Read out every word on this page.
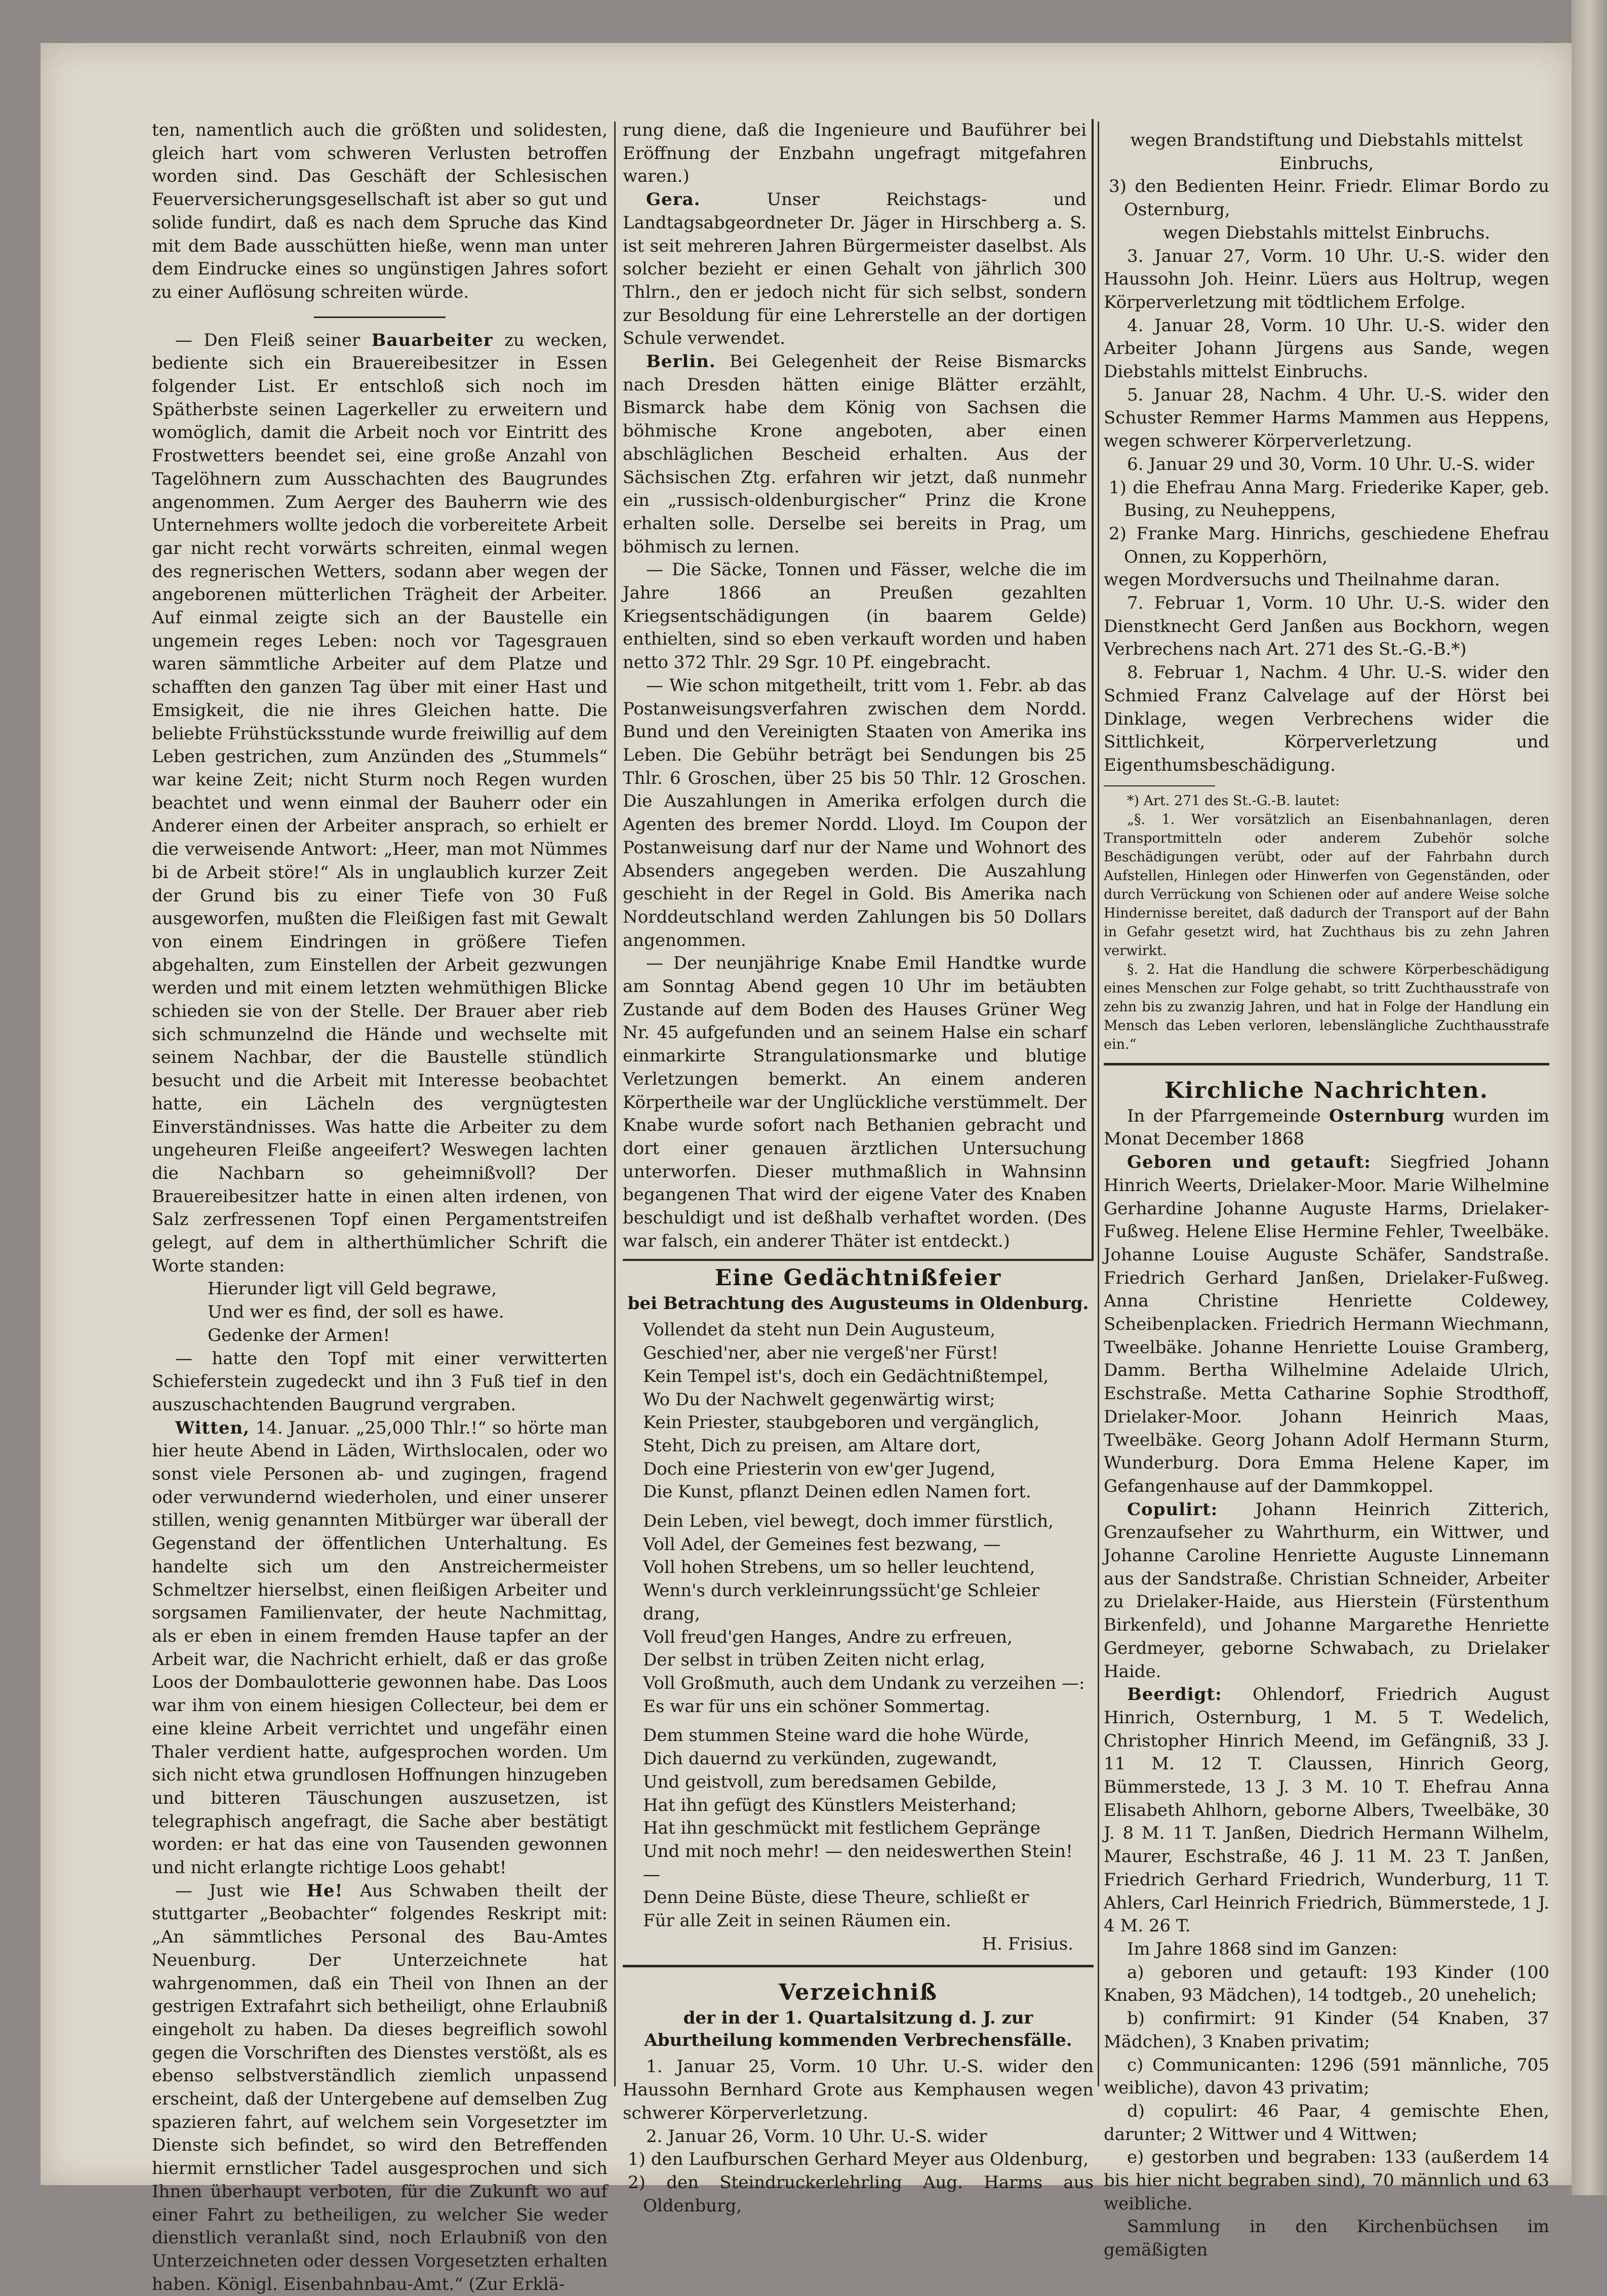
ten, namentlich auch die größten und solidesten, gleich hart vom schweren Verlusten betroffen worden sind. Das Geschäft der Schlesischen Feuerversicherungsgesellschaft ist aber so gut und solide fundirt, daß es nach dem Spruche das Kind mit dem Bade ausschütten hieße, wenn man unter dem Eindrucke eines so ungünstigen Jahres sofort zu einer Auflösung schreiten würde.

— Den Fleiß seiner Bauarbeiter zu wecken, bediente sich ein Brauereibesitzer in Essen folgender List. Er entschloß sich noch im Spätherbste seinen Lagerkeller zu erweitern und womöglich, damit die Arbeit noch vor Eintritt des Frostwetters beendet sei, eine große Anzahl von Tagelöhnern zum Ausschachten des Baugrundes angenommen. Zum Aerger des Bauherrn wie des Unternehmers wollte jedoch die vorbereitete Arbeit gar nicht recht vorwärts schreiten, einmal wegen des regnerischen Wetters, sodann aber wegen der angeborenen mütterlichen Trägheit der Arbeiter. Auf einmal zeigte sich an der Baustelle ein ungemein reges Leben: noch vor Tagesgrauen waren sämmtliche Arbeiter auf dem Platze und schafften den ganzen Tag über mit einer Hast und Emsigkeit, die nie ihres Gleichen hatte. Die beliebte Frühstücksstunde wurde freiwillig auf dem Leben gestrichen, zum Anzünden des „Stummels“ war keine Zeit; nicht Sturm noch Regen wurden beachtet und wenn einmal der Bauherr oder ein Anderer einen der Arbeiter ansprach, so erhielt er die verweisende Antwort: „Heer, man mot Nümmes bi de Arbeit störe!“ Als in unglaublich kurzer Zeit der Grund bis zu einer Tiefe von 30 Fuß ausgeworfen, mußten die Fleißigen fast mit Gewalt von einem Eindringen in größere Tiefen abgehalten, zum Einstellen der Arbeit gezwungen werden und mit einem letzten wehmüthigen Blicke schieden sie von der Stelle. Der Brauer aber rieb sich schmunzelnd die Hände und wechselte mit seinem Nachbar, der die Baustelle stündlich besucht und die Arbeit mit Interesse beobachtet hatte, ein Lächeln des vergnügtesten Einverständnisses. Was hatte die Arbeiter zu dem ungeheuren Fleiße angeeifert? Weswegen lachten die Nachbarn so geheimnißvoll? Der Brauereibesitzer hatte in einen alten irdenen, von Salz zerfressenen Topf einen Pergamentstreifen gelegt, auf dem in altherthümlicher Schrift die Worte standen:

Hierunder ligt vill Geld begrawe,
Und wer es find, der soll es hawe.
Gedenke der Armen!

— hatte den Topf mit einer verwitterten Schieferstein zugedeckt und ihn 3 Fuß tief in den auszuschachtenden Baugrund vergraben.

Witten, 14. Januar. „25,000 Thlr.!“ so hörte man hier heute Abend in Läden, Wirthslocalen, oder wo sonst viele Personen ab- und zugingen, fragend oder verwundernd wiederholen, und einer unserer stillen, wenig genannten Mitbürger war überall der Gegenstand der öffentlichen Unterhaltung. Es handelte sich um den Anstreichermeister Schmeltzer hierselbst, einen fleißigen Arbeiter und sorgsamen Familienvater, der heute Nachmittag, als er eben in einem fremden Hause tapfer an der Arbeit war, die Nachricht erhielt, daß er das große Loos der Dombaulotterie gewonnen habe. Das Loos war ihm von einem hiesigen Collecteur, bei dem er eine kleine Arbeit verrichtet und ungefähr einen Thaler verdient hatte, aufgesprochen worden. Um sich nicht etwa grundlosen Hoffnungen hinzugeben und bitteren Täuschungen auszusetzen, ist telegraphisch angefragt, die Sache aber bestätigt worden: er hat das eine von Tausenden gewonnen und nicht erlangte richtige Loos gehabt!

— Just wie He! Aus Schwaben theilt der stuttgarter „Beobachter“ folgendes Reskript mit: „An sämmtliches Personal des Bau-Amtes Neuenburg. Der Unterzeichnete hat wahrgenommen, daß ein Theil von Ihnen an der gestrigen Extrafahrt sich betheiligt, ohne Erlaubniß eingeholt zu haben. Da dieses begreiflich sowohl gegen die Vorschriften des Dienstes verstößt, als es ebenso selbstverständlich ziemlich unpassend erscheint, daß der Untergebene auf demselben Zug spazieren fahrt, auf welchem sein Vorgesetzter im Dienste sich befindet, so wird den Betreffenden hiermit ernstlicher Tadel ausgesprochen und sich Ihnen überhaupt verboten, für die Zukunft wo auf einer Fahrt zu betheiligen, zu welcher Sie weder dienstlich veranlaßt sind, noch Erlaubniß von den Unterzeichneten oder dessen Vorgesetzten erhalten haben. Königl. Eisenbahnbau-Amt.“ (Zur Erklä-

rung diene, daß die Ingenieure und Bauführer bei Eröffnung der Enzbahn ungefragt mitgefahren waren.)

Gera. Unser Reichstags- und Landtagsabgeordneter Dr. Jäger in Hirschberg a. S. ist seit mehreren Jahren Bürgermeister daselbst. Als solcher bezieht er einen Gehalt von jährlich 300 Thlrn., den er jedoch nicht für sich selbst, sondern zur Besoldung für eine Lehrerstelle an der dortigen Schule verwendet.

Berlin. Bei Gelegenheit der Reise Bismarcks nach Dresden hätten einige Blätter erzählt, Bismarck habe dem König von Sachsen die böhmische Krone angeboten, aber einen abschläglichen Bescheid erhalten. Aus der Sächsischen Ztg. erfahren wir jetzt, daß nunmehr ein „russisch-oldenburgischer“ Prinz die Krone erhalten solle. Derselbe sei bereits in Prag, um böhmisch zu lernen.

— Die Säcke, Tonnen und Fässer, welche die im Jahre 1866 an Preußen gezahlten Kriegsentschädigungen (in baarem Gelde) enthielten, sind so eben verkauft worden und haben netto 372 Thlr. 29 Sgr. 10 Pf. eingebracht.

— Wie schon mitgetheilt, tritt vom 1. Febr. ab das Postanweisungsverfahren zwischen dem Nordd. Bund und den Vereinigten Staaten von Amerika ins Leben. Die Gebühr beträgt bei Sendungen bis 25 Thlr. 6 Groschen, über 25 bis 50 Thlr. 12 Groschen. Die Auszahlungen in Amerika erfolgen durch die Agenten des bremer Nordd. Lloyd. Im Coupon der Postanweisung darf nur der Name und Wohnort des Absenders angegeben werden. Die Auszahlung geschieht in der Regel in Gold. Bis Amerika nach Norddeutschland werden Zahlungen bis 50 Dollars angenommen.

— Der neunjährige Knabe Emil Handtke wurde am Sonntag Abend gegen 10 Uhr im betäubten Zustande auf dem Boden des Hauses Grüner Weg Nr. 45 aufgefunden und an seinem Halse ein scharf einmarkirte Strangulationsmarke und blutige Verletzungen bemerkt. An einem anderen Körpertheile war der Unglückliche verstümmelt. Der Knabe wurde sofort nach Bethanien gebracht und dort einer genauen ärztlichen Untersuchung unterworfen. Dieser muthmaßlich in Wahnsinn begangenen That wird der eigene Vater des Knaben beschuldigt und ist deßhalb verhaftet worden. (Des war falsch, ein anderer Thäter ist entdeckt.)

Eine Gedächtnißfeier
bei Betrachtung des Augusteums in Oldenburg.

Vollendet da steht nun Dein Augusteum,
Geschied'ner, aber nie vergeß'ner Fürst!
Kein Tempel ist's, doch ein Gedächtnißtempel,
Wo Du der Nachwelt gegenwärtig wirst;
Kein Priester, staubgeboren und vergänglich,
Steht, Dich zu preisen, am Altare dort,
Doch eine Priesterin von ew'ger Jugend,
Die Kunst, pflanzt Deinen edlen Namen fort.

Dein Leben, viel bewegt, doch immer fürstlich,
Voll Adel, der Gemeines fest bezwang, —
Voll hohen Strebens, um so heller leuchtend,
Wenn's durch verkleinrungssücht'ge Schleier drang,
Voll freud'gen Hanges, Andre zu erfreuen,
Der selbst in trüben Zeiten nicht erlag,
Voll Großmuth, auch dem Undank zu verzeihen —:
Es war für uns ein schöner Sommertag.

Dem stummen Steine ward die hohe Würde,
Dich dauernd zu verkünden, zugewandt,
Und geistvoll, zum beredsamen Gebilde,
Hat ihn gefügt des Künstlers Meisterhand;
Hat ihn geschmückt mit festlichem Gepränge
Und mit noch mehr! — den neideswerthen Stein! —
Denn Deine Büste, diese Theure, schließt er
Für alle Zeit in seinen Räumen ein.

H. Frisius.

Verzeichniß
der in der 1. Quartalsitzung d. J. zur Aburtheilung kommenden Verbrechensfälle.

1. Januar 25, Vorm. 10 Uhr. U.-S. wider den Haussohn Bernhard Grote aus Kemphausen wegen schwerer Körperverletzung.

2. Januar 26, Vorm. 10 Uhr. U.-S. wider

1) den Laufburschen Gerhard Meyer aus Oldenburg,

2) den Steindruckerlehrling Aug. Harms aus Oldenburg,

wegen Brandstiftung und Diebstahls mittelst Einbruchs,

3) den Bedienten Heinr. Friedr. Elimar Bordo zu Osternburg,

wegen Diebstahls mittelst Einbruchs.

3. Januar 27, Vorm. 10 Uhr. U.-S. wider den Haussohn Joh. Heinr. Lüers aus Holtrup, wegen Körperverletzung mit tödtlichem Erfolge.

4. Januar 28, Vorm. 10 Uhr. U.-S. wider den Arbeiter Johann Jürgens aus Sande, wegen Diebstahls mittelst Einbruchs.

5. Januar 28, Nachm. 4 Uhr. U.-S. wider den Schuster Remmer Harms Mammen aus Heppens, wegen schwerer Körperverletzung.

6. Januar 29 und 30, Vorm. 10 Uhr. U.-S. wider

1) die Ehefrau Anna Marg. Friederike Kaper, geb. Busing, zu Neuheppens,

2) Franke Marg. Hinrichs, geschiedene Ehefrau Onnen, zu Kopperhörn,

wegen Mordversuchs und Theilnahme daran.

7. Februar 1, Vorm. 10 Uhr. U.-S. wider den Dienstknecht Gerd Janßen aus Bockhorn, wegen Verbrechens nach Art. 271 des St.-G.-B.*)

8. Februar 1, Nachm. 4 Uhr. U.-S. wider den Schmied Franz Calvelage auf der Hörst bei Dinklage, wegen Verbrechens wider die Sittlichkeit, Körperverletzung und Eigenthumsbeschädigung.

*) Art. 271 des St.-G.-B. lautet:

„§. 1. Wer vorsätzlich an Eisenbahnanlagen, deren Transportmitteln oder anderem Zubehör solche Beschädigungen verübt, oder auf der Fahrbahn durch Aufstellen, Hinlegen oder Hinwerfen von Gegenständen, oder durch Verrückung von Schienen oder auf andere Weise solche Hindernisse bereitet, daß dadurch der Transport auf der Bahn in Gefahr gesetzt wird, hat Zuchthaus bis zu zehn Jahren verwirkt.

§. 2. Hat die Handlung die schwere Körperbeschädigung eines Menschen zur Folge gehabt, so tritt Zuchthausstrafe von zehn bis zu zwanzig Jahren, und hat in Folge der Handlung ein Mensch das Leben verloren, lebenslängliche Zuchthausstrafe ein.“

Kirchliche Nachrichten.

In der Pfarrgemeinde Osternburg wurden im Monat December 1868

Geboren und getauft: Siegfried Johann Hinrich Weerts, Drielaker-Moor. Marie Wilhelmine Gerhardine Johanne Auguste Harms, Drielaker-Fußweg. Helene Elise Hermine Fehler, Tweelbäke. Johanne Louise Auguste Schäfer, Sandstraße. Friedrich Gerhard Janßen, Drielaker-Fußweg. Anna Christine Henriette Coldewey, Scheibenplacken. Friedrich Hermann Wiechmann, Tweelbäke. Johanne Henriette Louise Gramberg, Damm. Bertha Wilhelmine Adelaide Ulrich, Eschstraße. Metta Catharine Sophie Strodthoff, Drielaker-Moor. Johann Heinrich Maas, Tweelbäke. Georg Johann Adolf Hermann Sturm, Wunderburg. Dora Emma Helene Kaper, im Gefangenhause auf der Dammkoppel.

Copulirt: Johann Heinrich Zitterich, Grenzaufseher zu Wahrthurm, ein Wittwer, und Johanne Caroline Henriette Auguste Linnemann aus der Sandstraße. Christian Schneider, Arbeiter zu Drielaker-Haide, aus Hierstein (Fürstenthum Birkenfeld), und Johanne Margarethe Henriette Gerdmeyer, geborne Schwabach, zu Drielaker Haide.

Beerdigt: Ohlendorf, Friedrich August Hinrich, Osternburg, 1 M. 5 T. Wedelich, Christopher Hinrich Meend, im Gefängniß, 33 J. 11 M. 12 T. Claussen, Hinrich Georg, Bümmerstede, 13 J. 3 M. 10 T. Ehefrau Anna Elisabeth Ahlhorn, geborne Albers, Tweelbäke, 30 J. 8 M. 11 T. Janßen, Diedrich Hermann Wilhelm, Maurer, Eschstraße, 46 J. 11 M. 23 T. Janßen, Friedrich Gerhard Friedrich, Wunderburg, 11 T. Ahlers, Carl Heinrich Friedrich, Bümmerstede, 1 J. 4 M. 26 T.

Im Jahre 1868 sind im Ganzen:

a) geboren und getauft: 193 Kinder (100 Knaben, 93 Mädchen), 14 todtgeb., 20 unehelich;

b) confirmirt: 91 Kinder (54 Knaben, 37 Mädchen), 3 Knaben privatim;

c) Communicanten: 1296 (591 männliche, 705 weibliche), davon 43 privatim;

d) copulirt: 46 Paar, 4 gemischte Ehen, darunter; 2 Wittwer und 4 Wittwen;

e) gestorben und begraben: 133 (außerdem 14 bis hier nicht begraben sind), 70 männlich und 63 weibliche.

Sammlung in den Kirchenbüchsen im gemäßigten
